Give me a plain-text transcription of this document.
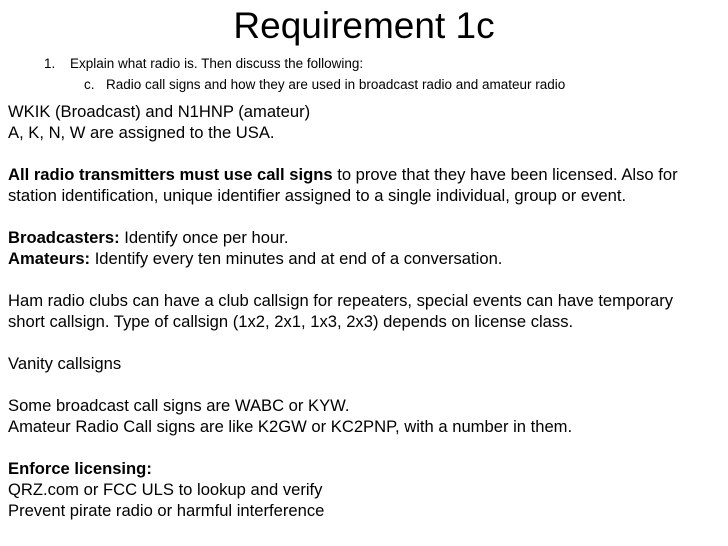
Requirement 1c
1. Explain what radio is. Then discuss the following:
c. Radio call signs and how they are used in broadcast radio and amateur radio
WKIK (Broadcast) and N1HNP (amateur)
A, K, N, W are assigned to the USA.
All radio transmitters must use call signs to prove that they have been licensed. Also for
station identification, unique identifier assigned to a single individual, group or event.
Broadcasters: Identify once per hour.
Amateurs: Identify every ten minutes and at end of a conversation.
Ham radio clubs can have a club callsign for repeaters, special events can have temporary
short callsign. Type of callsign (1x2, 2x1, 1x3, 2x3) depends on license class.
Vanity callsigns
Some broadcast call signs are WABC or KYW.
Amateur Radio Call signs are like K2GW or KC2PNP, with a number in them.
Enforce licensing:
QRZ.com or FCC ULS to lookup and verify
Prevent pirate radio or harmful interference
